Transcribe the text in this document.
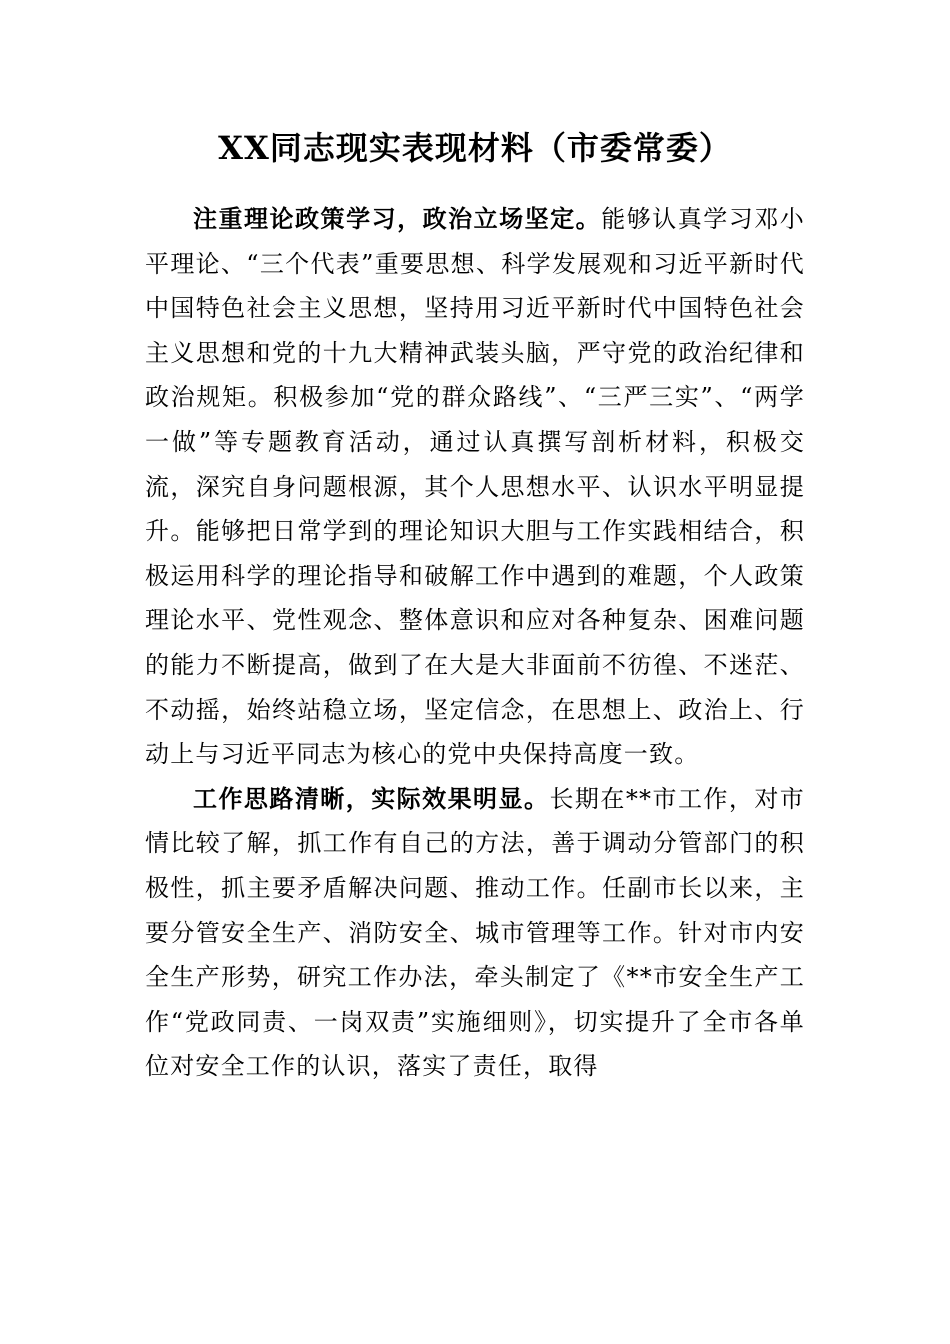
XX同志现实表现材料（市委常委）

注重理论政策学习，政治立场坚定。能够认真学习邓小平理论、“三个代表”重要思想、科学发展观和习近平新时代中国特色社会主义思想，坚持用习近平新时代中国特色社会主义思想和党的十九大精神武装头脑，严守党的政治纪律和政治规矩。积极参加“党的群众路线”、“三严三实”、“两学一做”等专题教育活动，通过认真撰写剖析材料，积极交流，深究自身问题根源，其个人思想水平、认识水平明显提升。能够把日常学到的理论知识大胆与工作实践相结合，积极运用科学的理论指导和破解工作中遇到的难题，个人政策理论水平、党性观念、整体意识和应对各种复杂、困难问题的能力不断提高，做到了在大是大非面前不彷徨、不迷茫、不动摇，始终站稳立场，坚定信念，在思想上、政治上、行动上与习近平同志为核心的党中央保持高度一致。

工作思路清晰，实际效果明显。长期在**市工作，对市情比较了解，抓工作有自己的方法，善于调动分管部门的积极性，抓主要矛盾解决问题、推动工作。任副市长以来，主要分管安全生产、消防安全、城市管理等工作。针对市内安全生产形势，研究工作办法，牵头制定了《**市安全生产工作“党政同责、一岗双责”实施细则》，切实提升了全市各单位对安全工作的认识，落实了责任，取得
